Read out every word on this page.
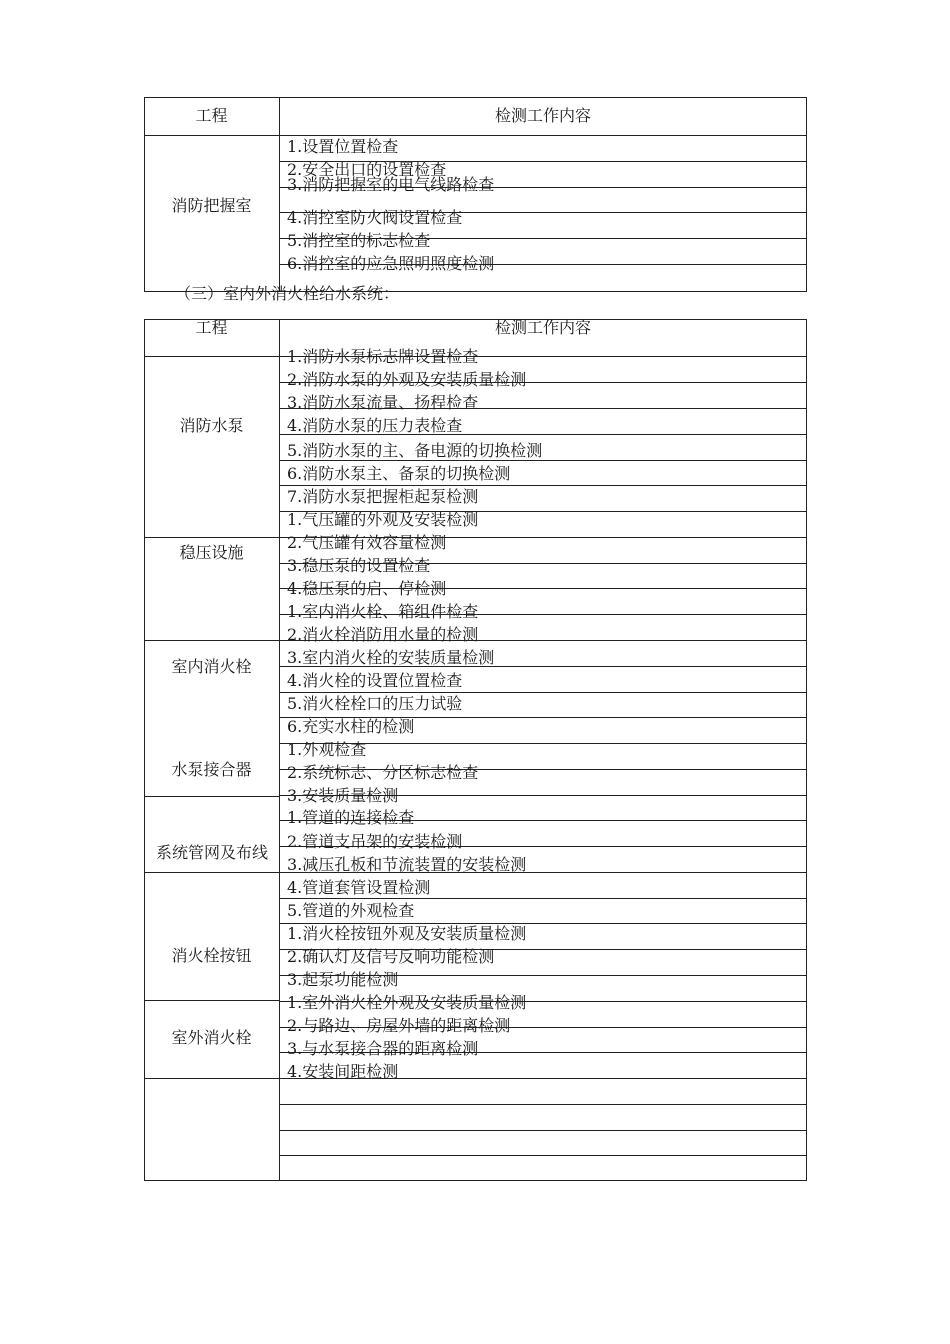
工程	检测工作内容
消防把握室
1.设置位置检查
2.安全出口的设置检查
3.消防把握室的电气线路检查
4.消控室防火阀设置检查
5.消控室的标志检查
6.消控室的应急照明照度检测
（三）室内外消火栓给水系统：
工程	检测工作内容
消防水泵
稳压设施
室内消火栓
水泵接合器
系统管网及布线
消火栓按钮
室外消火栓
1.消防水泵标志牌设置检查
2.消防水泵的外观及安装质量检测
3.消防水泵流量、扬程检查
4.消防水泵的压力表检查
5.消防水泵的主、备电源的切换检测
6.消防水泵主、备泵的切换检测
7.消防水泵把握柜起泵检测
1.气压罐的外观及安装检测
2.气压罐有效容量检测
3.稳压泵的设置检查
4.稳压泵的启、停检测
1.室内消火栓、箱组件检查
2.消火栓消防用水量的检测
3.室内消火栓的安装质量检测
4.消火栓的设置位置检查
5.消火栓栓口的压力试验
6.充实水柱的检测
1.外观检查
2.系统标志、分区标志检查
3.安装质量检测
1.管道的连接检查
2.管道支吊架的安装检测
3.减压孔板和节流装置的安装检测
4.管道套管设置检测
5.管道的外观检查
1.消火栓按钮外观及安装质量检测
2.确认灯及信号反响功能检测
3.起泵功能检测
1.室外消火栓外观及安装质量检测
2.与路边、房屋外墙的距离检测
3.与水泵接合器的距离检测
4.安装间距检测
